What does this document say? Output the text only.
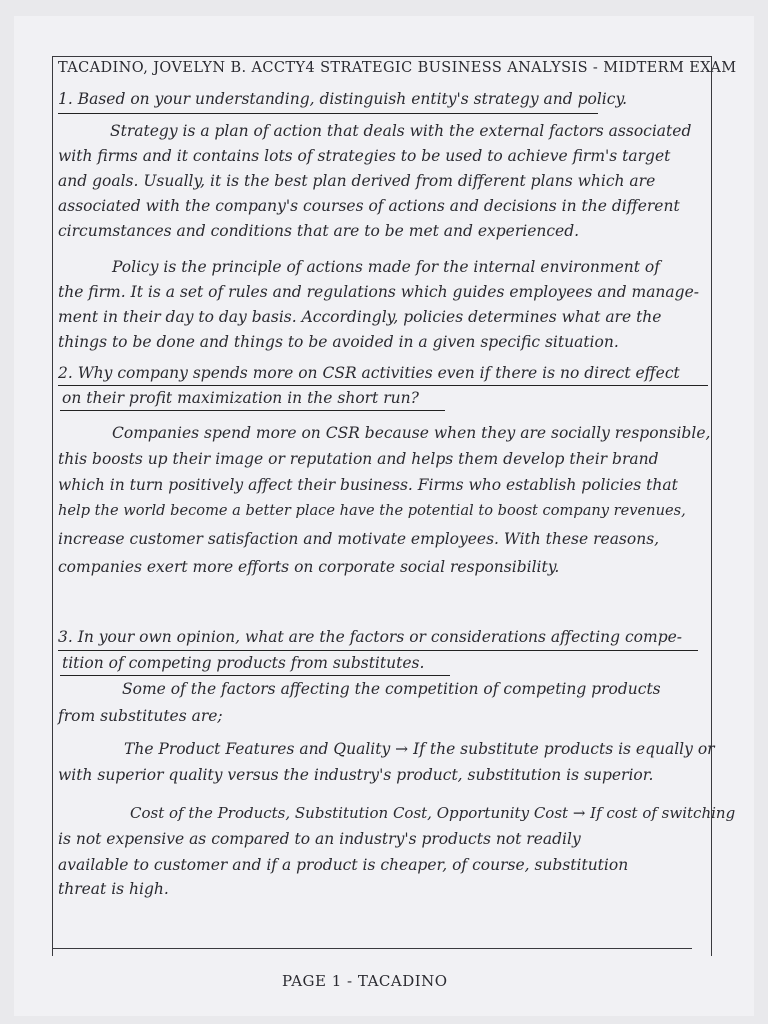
TACADINO, JOVELYN B. ACCTY4 STRATEGIC BUSINESS ANALYSIS - MIDTERM EXAM
1. Based on your understanding, distinguish entity's strategy and policy.
Strategy is a plan of action that deals with the external factors associated
with firms and it contains lots of strategies to be used to achieve firm's target
and goals. Usually, it is the best plan derived from different plans which are
associated with the company's courses of actions and decisions in the different
circumstances and conditions that are to be met and experienced.
Policy is the principle of actions made for the internal environment of
the firm. It is a set of rules and regulations which guides employees and manage-
ment in their day to day basis. Accordingly, policies determines what are the
things to be done and things to be avoided in a given specific situation.
2. Why company spends more on CSR activities even if there is no direct effect
on their profit maximization in the short run?
Companies spend more on CSR because when they are socially responsible,
this boosts up their image or reputation and helps them develop their brand
which in turn positively affect their business. Firms who establish policies that
help the world become a better place have the potential to boost company revenues,
increase customer satisfaction and motivate employees. With these reasons,
companies exert more efforts on corporate social responsibility.
3. In your own opinion, what are the factors or considerations affecting compe-
tition of competing products from substitutes.
Some of the factors affecting the competition of competing products
from substitutes are;
The Product Features and Quality → If the substitute products is equally or
with superior quality versus the industry's product, substitution is superior.
Cost of the Products, Substitution Cost, Opportunity Cost → If cost of switching
is not expensive as compared to an industry's products not readily
available to customer and if a product is cheaper, of course, substitution
threat is high.
PAGE 1 - TACADINO
